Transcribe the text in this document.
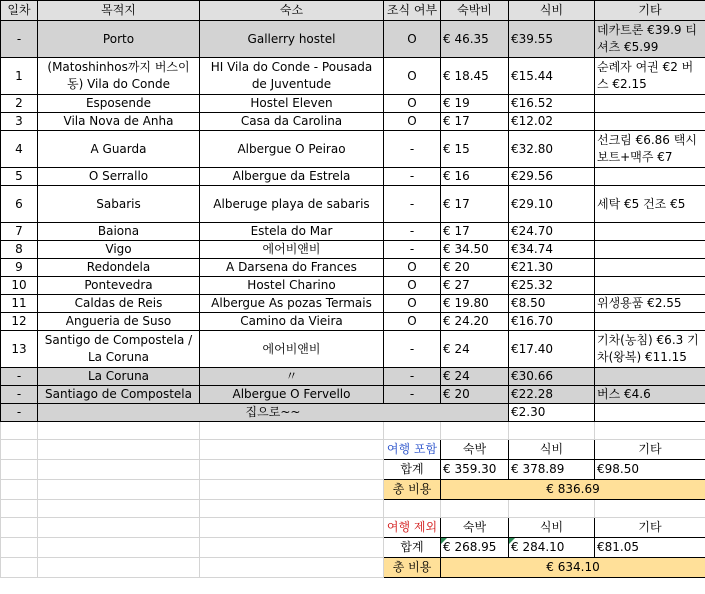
일차	목적지	숙소	조식 여부	숙박비	식비	기타
-	Porto	Gallerry hostel	O	€ 46.35	€39.55	데카트론 €39.9 티셔츠 €5.99
1	(Matoshinhos까지 버스이동) Vila do Conde	HI Vila do Conde - Pousada de Juventude	O	€ 18.45	€15.44	순례자 여권 €2 버스 €2.15
2	Esposende	Hostel Eleven	O	€ 19	€16.52	
3	Vila Nova de Anha	Casa da Carolina	O	€ 17	€12.02	
4	A Guarda	Albergue O Peirao	-	€ 15	€32.80	선크림 €6.86 택시보트+맥주 €7
5	O Serrallo	Albergue da Estrela	-	€ 16	€29.56	
6	Sabaris	Alberuge playa de sabaris	-	€ 17	€29.10	세탁 €5 건조 €5
7	Baiona	Estela do Mar	-	€ 17	€24.70	
8	Vigo	에어비앤비	-	€ 34.50	€34.74	
9	Redondela	A Darsena do Frances	O	€ 20	€21.30	
10	Pontevedra	Hostel Charino	O	€ 27	€25.32	
11	Caldas de Reis	Albergue As pozas Termais	O	€ 19.80	€8.50	위생용품 €2.55
12	Angueria de Suso	Camino da Vieira	O	€ 24.20	€16.70	
13	Santigo de Compostela / La Coruna	에어비앤비	-	€ 24	€17.40	기차(농침) €6.3 기차(왕복) €11.15
-	La Coruna	〃	-	€ 24	€30.66	
-	Santiago de Compostela	Albergue O Fervello	-	€ 20	€22.28	버스 €4.6
-	집으로~~				€2.30	

			여행 포함	숙박	식비	기타
			합계	€ 359.30	€ 378.89	€98.50
			총 비용	€ 836.69		

			여행 제외	숙박	식비	기타
			합계	€ 268.95	€ 284.10	€81.05
			총 비용	€ 634.10		
